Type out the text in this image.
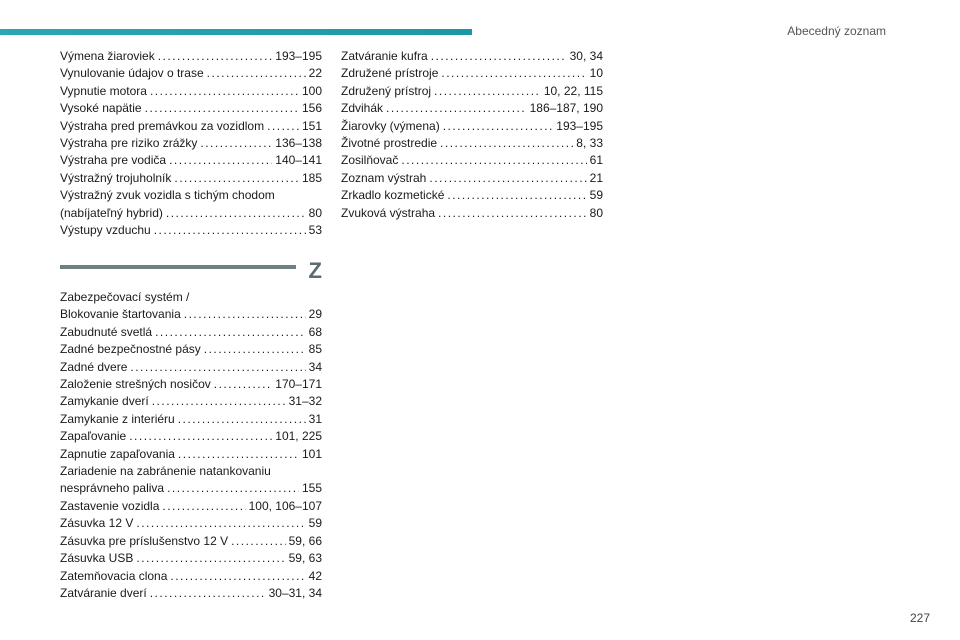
Abecedný zoznam
Výmena žiaroviek .....	193–195
Vynulovanie údajov o trase .....	22
Vypnutie motora .....	100
Vysoké napätie .....	156
Výstraha pred premávkou za vozidlom .....	151
Výstraha pre riziko zrážky .....	136–138
Výstraha pre vodiča .....	140–141
Výstražný trojuholník .....	185
Výstražný zvuk vozidla s tichým chodom
(nabíjateľný hybrid) .....	80
Výstupy vzduchu .....	53
Z
Zabezpečovací systém /
Blokovanie štartovania .....	29
Zabudnuté svetlá .....	68
Zadné bezpečnostné pásy .....	85
Zadné dvere .....	34
Založenie strešných nosičov .....	170–171
Zamykanie dverí .....	31–32
Zamykanie z interiéru .....	31
Zapaľovanie .....	101, 225
Zapnutie zapaľovania .....	101
Zariadenie na zabránenie natankovaniu
nesprávneho paliva .....	155
Zastavenie vozidla .....	100, 106–107
Zásuvka 12 V .....	59
Zásuvka pre príslušenstvo 12 V .....	59, 66
Zásuvka USB .....	59, 63
Zatemňovacia clona .....	42
Zatváranie dverí .....	30–31, 34
Zatváranie kufra .....	30, 34
Združené prístroje .....	10
Združený prístroj .....	10, 22, 115
Zdvihák .....	186–187, 190
Žiarovky (výmena) .....	193–195
Životné prostredie .....	8, 33
Zosilňovač .....	61
Zoznam výstrah .....	21
Zrkadlo kozmetické .....	59
Zvuková výstraha .....	80
227
